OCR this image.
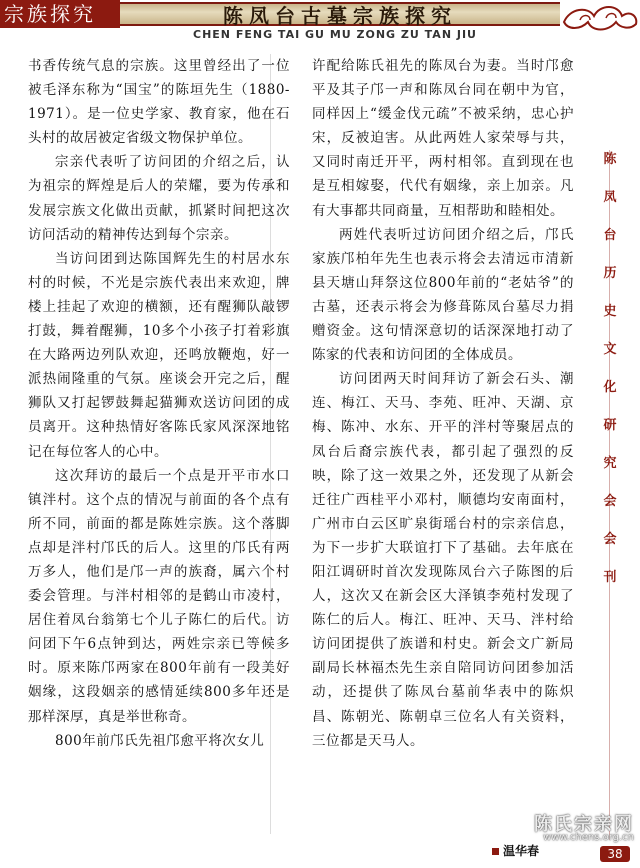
宗族探究	陈凤台古墓宗族探究
CHEN FENG TAI GU MU ZONG ZU TAN JIU

书香传统气息的宗族。这里曾经出了一位被毛泽东称为“国宝”的陈垣先生（1880-1971）。是一位史学家、教育家，他在石头村的故居被定省级文物保护单位。

宗亲代表听了访问团的介绍之后，认为祖宗的辉煌是后人的荣耀，要为传承和发展宗族文化做出贡献，抓紧时间把这次访问活动的精神传达到每个宗亲。

当访问团到达陈国辉先生的村居水东村的时候，不光是宗族代表出来欢迎，牌楼上挂起了欢迎的横额，还有醒狮队敲锣打鼓，舞着醒狮，10多个小孩子打着彩旗在大路两边列队欢迎，还鸣放鞭炮，好一派热闹隆重的气氛。座谈会开完之后，醒狮队又打起锣鼓舞起猫狮欢送访问团的成员离开。这种热情好客陈氏家风深深地铭记在每位客人的心中。

这次拜访的最后一个点是开平市水口镇泮村。这个点的情况与前面的各个点有所不同，前面的都是陈姓宗族。这个落脚点却是泮村邝氏的后人。这里的邝氏有两万多人，他们是邝一声的族裔，属六个村委会管理。与泮村相邻的是鹤山市凌村，居住着凤台翁第七个儿子陈仁的后代。访问团下午6点钟到达，两姓宗亲已等候多时。原来陈邝两家在800年前有一段美好姻缘，这段姻亲的感情延续800多年还是那样深厚，真是举世称奇。

800年前邝氏先祖邝愈平将次女儿

许配给陈氏祖先的陈凤台为妻。当时邝愈平及其子邝一声和陈凤台同在朝中为官，同样因上“缓金伐元疏”不被采纳，忠心护宋，反被迫害。从此两姓人家荣辱与共，又同时南迁开平，两村相邻。直到现在也是互相嫁娶，代代有姻缘，亲上加亲。凡有大事都共同商量，互相帮助和睦相处。

两姓代表听过访问团介绍之后，邝氏家族邝柏年先生也表示将会去清远市清新县天塘山拜祭这位800年前的“老姑爷”的古墓，还表示将会为修葺陈凤台墓尽力捐赠资金。这句情深意切的话深深地打动了陈家的代表和访问团的全体成员。

访问团两天时间拜访了新会石头、潮连、梅江、天马、李苑、旺冲、天湖、京梅、陈冲、水东、开平的泮村等聚居点的凤台后裔宗族代表，都引起了强烈的反映，除了这一效果之外，还发现了从新会迁往广西桂平小邓村，顺德均安南面村，广州市白云区旷泉街瑶台村的宗亲信息，为下一步扩大联谊打下了基础。去年底在阳江调研时首次发现陈凤台六子陈图的后人，这次又在新会区大泽镇李苑村发现了陈仁的后人。梅江、旺冲、天马、泮村给访问团提供了族谱和村史。新会文广新局副局长林福杰先生亲自陪同访问团参加活动，还提供了陈凤台墓前华表中的陈炽昌、陈朝光、陈朝卓三位名人有关资料，三位都是天马人。

陈
凤
台
历
史
文
化
研
究
会
会
刊
陈氏宗亲网
www.chens.org.cn
温华春	38
